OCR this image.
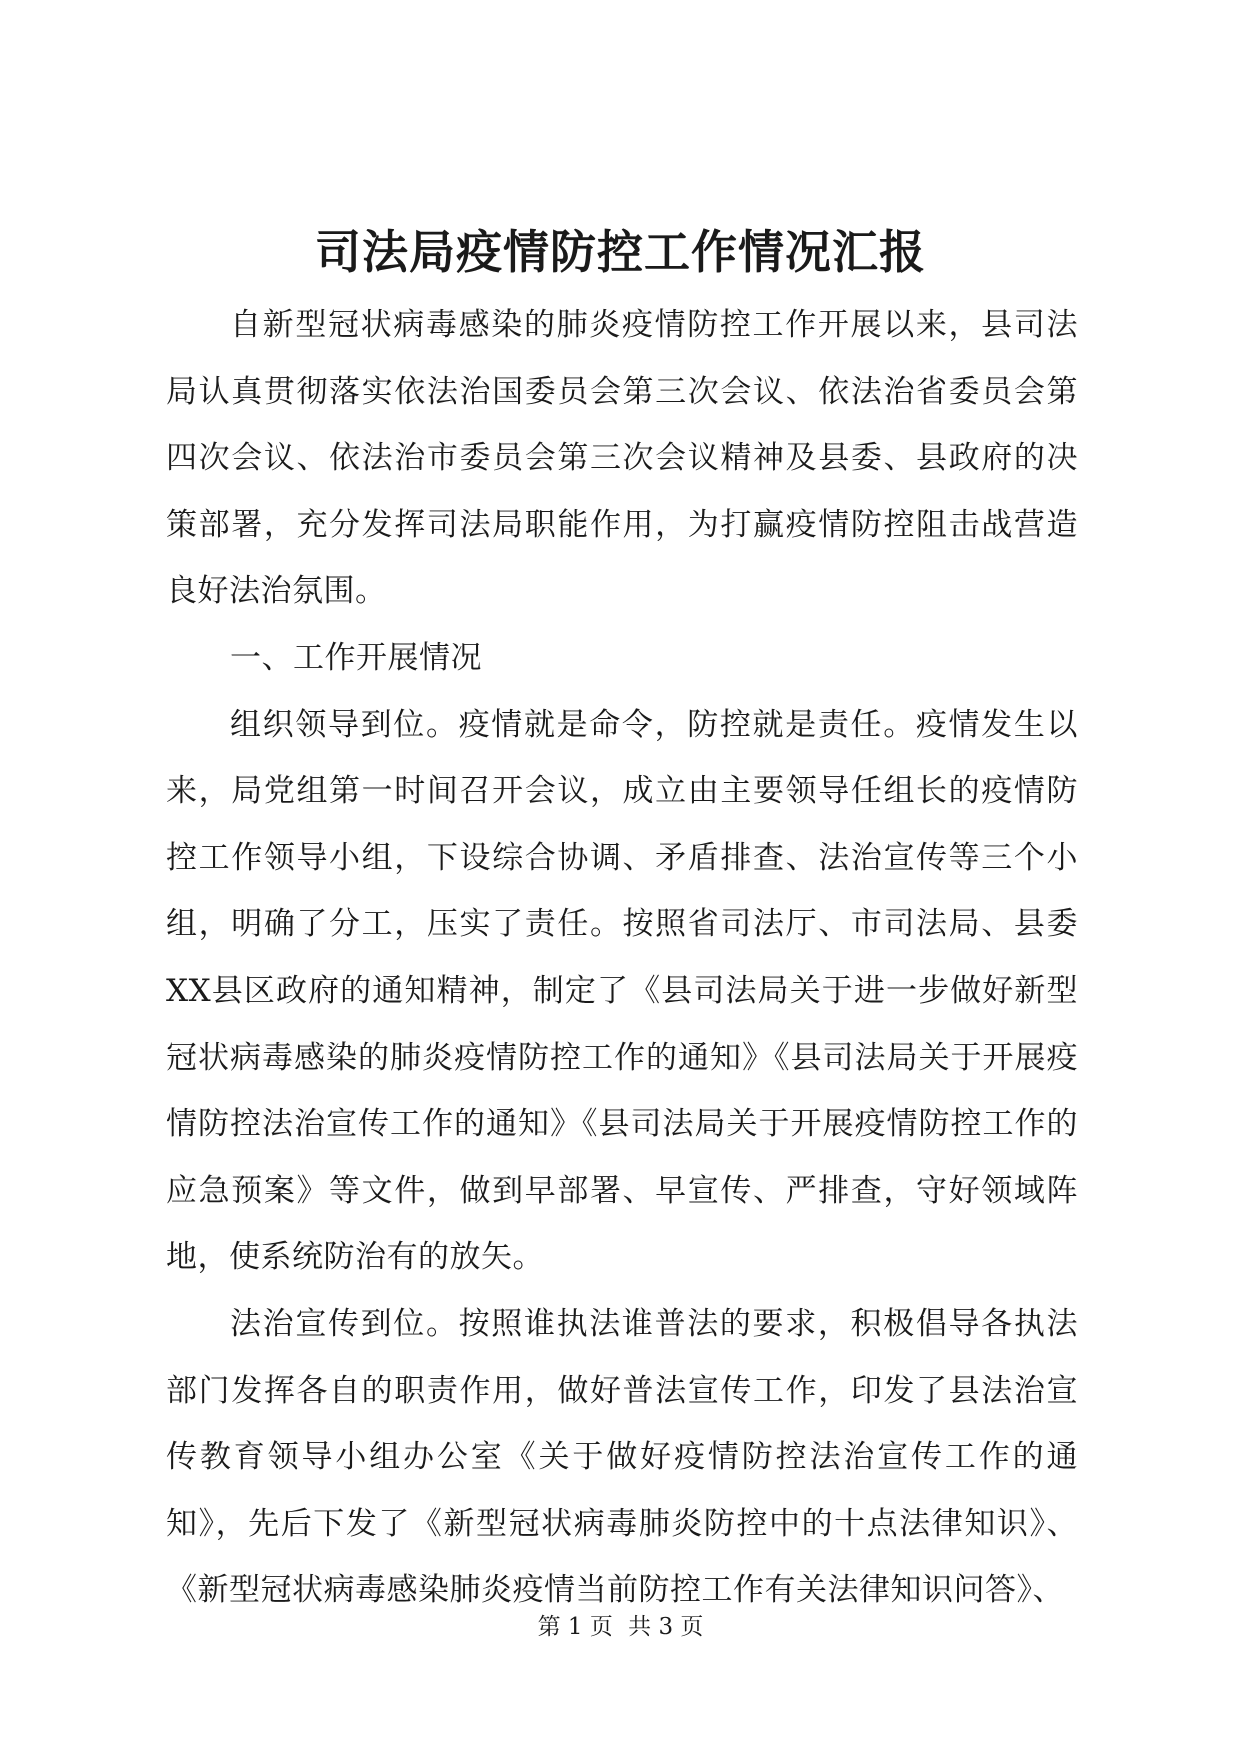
司法局疫情防控工作情况汇报

自新型冠状病毒感染的肺炎疫情防控工作开展以来，县司法局认真贯彻落实依法治国委员会第三次会议、依法治省委员会第四次会议、依法治市委员会第三次会议精神及县委、县政府的决策部署，充分发挥司法局职能作用，为打赢疫情防控阻击战营造良好法治氛围。

一、工作开展情况

组织领导到位。疫情就是命令，防控就是责任。疫情发生以来，局党组第一时间召开会议，成立由主要领导任组长的疫情防控工作领导小组，下设综合协调、矛盾排查、法治宣传等三个小组，明确了分工，压实了责任。按照省司法厅、市司法局、县委XX县区政府的通知精神，制定了《县司法局关于进一步做好新型冠状病毒感染的肺炎疫情防控工作的通知》《县司法局关于开展疫情防控法治宣传工作的通知》《县司法局关于开展疫情防控工作的应急预案》等文件，做到早部署、早宣传、严排查，守好领域阵地，使系统防治有的放矢。

法治宣传到位。按照谁执法谁普法的要求，积极倡导各执法部门发挥各自的职责作用，做好普法宣传工作，印发了县法治宣传教育领导小组办公室《关于做好疫情防控法治宣传工作的通知》，先后下发了《新型冠状病毒肺炎防控中的十点法律知识》、《新型冠状病毒感染肺炎疫情当前防控工作有关法律知识问答》、

第 1 页 共 3 页
